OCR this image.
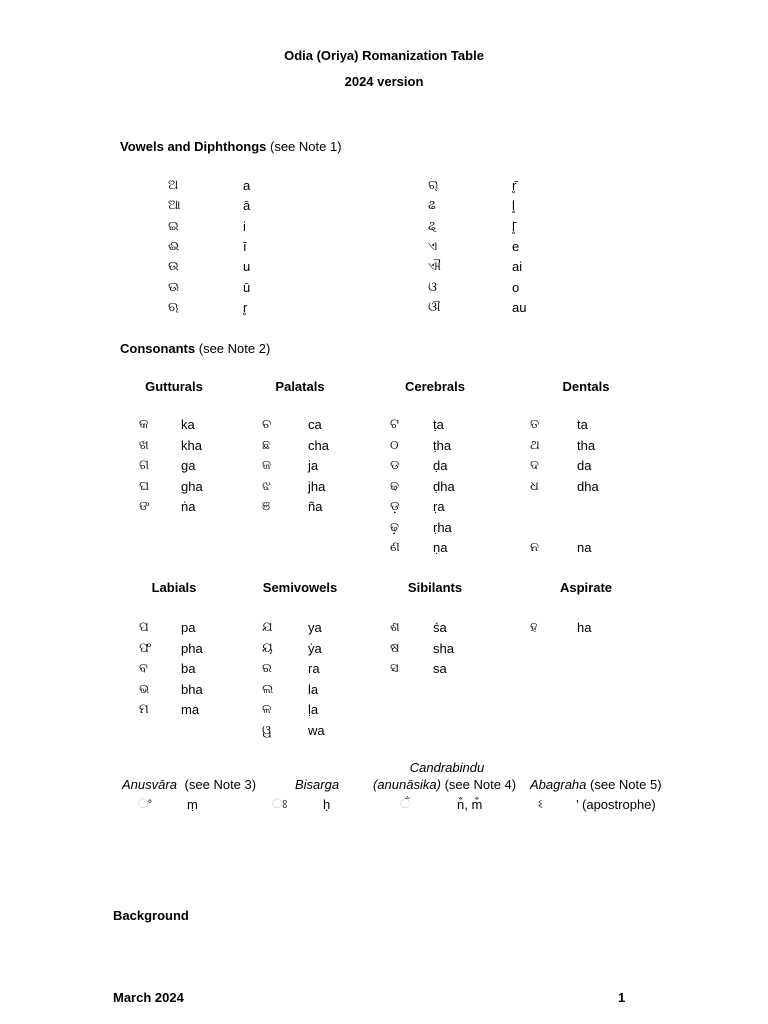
Odia (Oriya) Romanization Table
2024 version
Vowels and Diphthongs (see Note 1)
ଅ	a
ଆ	ā
ଇ	i
ଈ	ī
ଉ	u
ଊ	ū
ଋ	r̥
ୠ	r̥̄
ଌ	l̥
ୡ	l̥̄
ଏ	e
ଐ	ai
ଓ	o
ଔ	au
Consonants (see Note 2)
Gutturals
କ ka
ଖ kha
ଗ ga
ଘ gha
ଙ ṅa
Palatals
ଚ	ca
ଛ	cha
ଜ	ja
ଝ	jha
ଞ	ña
Cerebrals
ଟ	ṭa
ଠ	ṭha
ଡ	ḍa
ଢ	ḍha
ଡ଼	ṛa
ଢ଼	ṛha
ଣ	ṇa
Dentals
ତ	ta
ଥ	tha
ଦ	da
ଧ	dha
ନ	na
Labials
ପ pa
ଫ pha
ବ	ba
ଭ bha
ମ ma
Semivowels
ଯ	ya
ୟ	ẏa
ର	ra
ଲ	la
ଳ	ḷa
ୱ	wa
Sibilants
ଶ	śa
ଷ	sha
ସ	sa
Aspirate
ହ	ha
Anusvāra (see Note 3)
◌ଂ	ṃ
Bisarga
◌ଃ	ḥ
Candrabindu
(anunāsika) (see Note 4)
◌ଁ	n̐, m̐
Abagraha (see Note 5)
ଽ	’ (apostrophe)
Background
March 2024	1
